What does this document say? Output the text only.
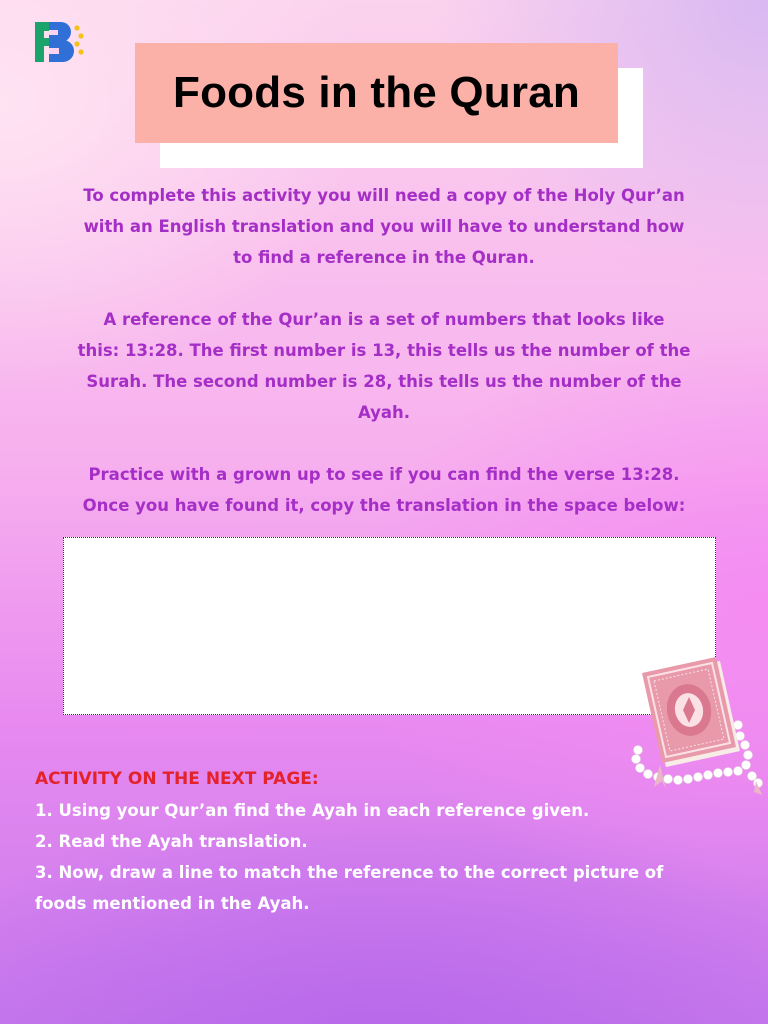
Foods in the Quran

To complete this activity you will need a copy of the Holy Qur’an

with an English translation and you will have to understand how

to find a reference in the Quran.

A reference of the Qur’an is a set of numbers that looks like

this: 13:28. The first number is 13, this tells us the number of the

Surah. The second number is 28, this tells us the number of the

Ayah.

Practice with a grown up to see if you can find the verse 13:28.

Once you have found it, copy the translation in the space below:

ACTIVITY ON THE NEXT PAGE:
1. Using your Qur’an find the Ayah in each reference given.
2. Read the Ayah translation.
3. Now, draw a line to match the reference to the correct picture of
foods mentioned in the Ayah.
